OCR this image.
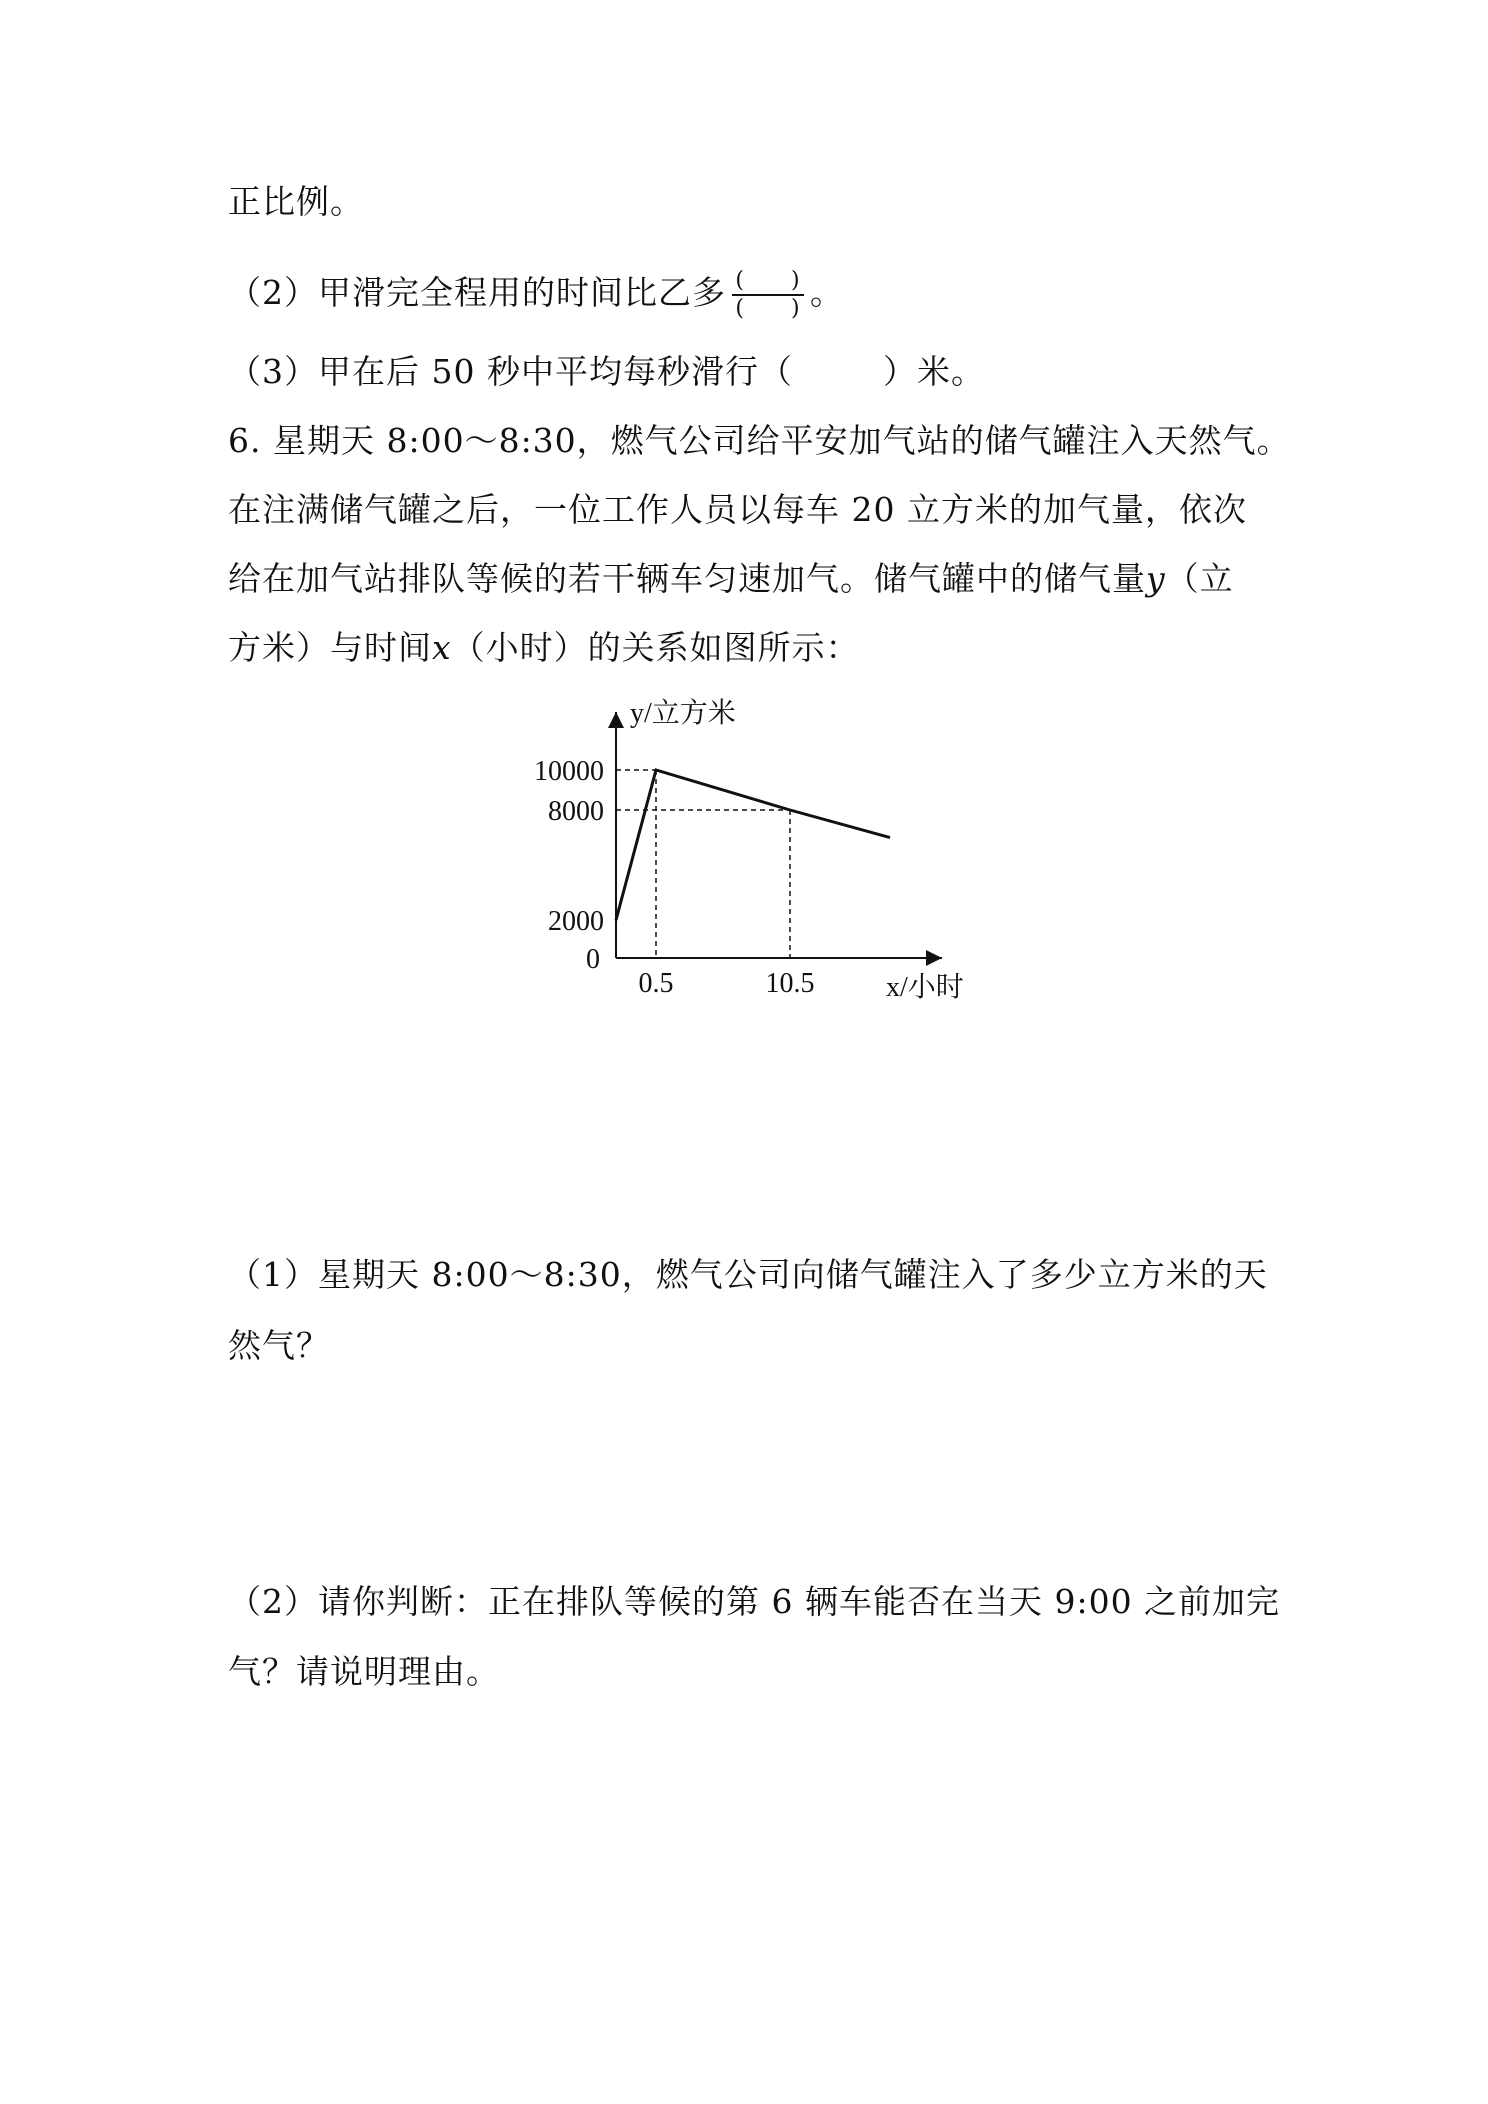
正比例。
（2）甲滑完全程用的时间比乙多 $\frac{( )}{( )}$ 。
（3）甲在后 50 秒中平均每秒滑行（	）米。
6. 星期天 8:00～8:30，燃气公司给平安加气站的储气罐注入天然气。
在注满储气罐之后，一位工作人员以每车 20 立方米的加气量，依次
给在加气站排队等候的若干辆车匀速加气。储气罐中的储气量y（立
方米）与时间x（小时）的关系如图所示：
2000
8000
10000
0.5	10.5
y/立方米
x/小时
0
（1）星期天 8:00～8:30，燃气公司向储气罐注入了多少立方米的天
然气？
（2）请你判断：正在排队等候的第 6 辆车能否在当天 9:00 之前加完
气？请说明理由。
